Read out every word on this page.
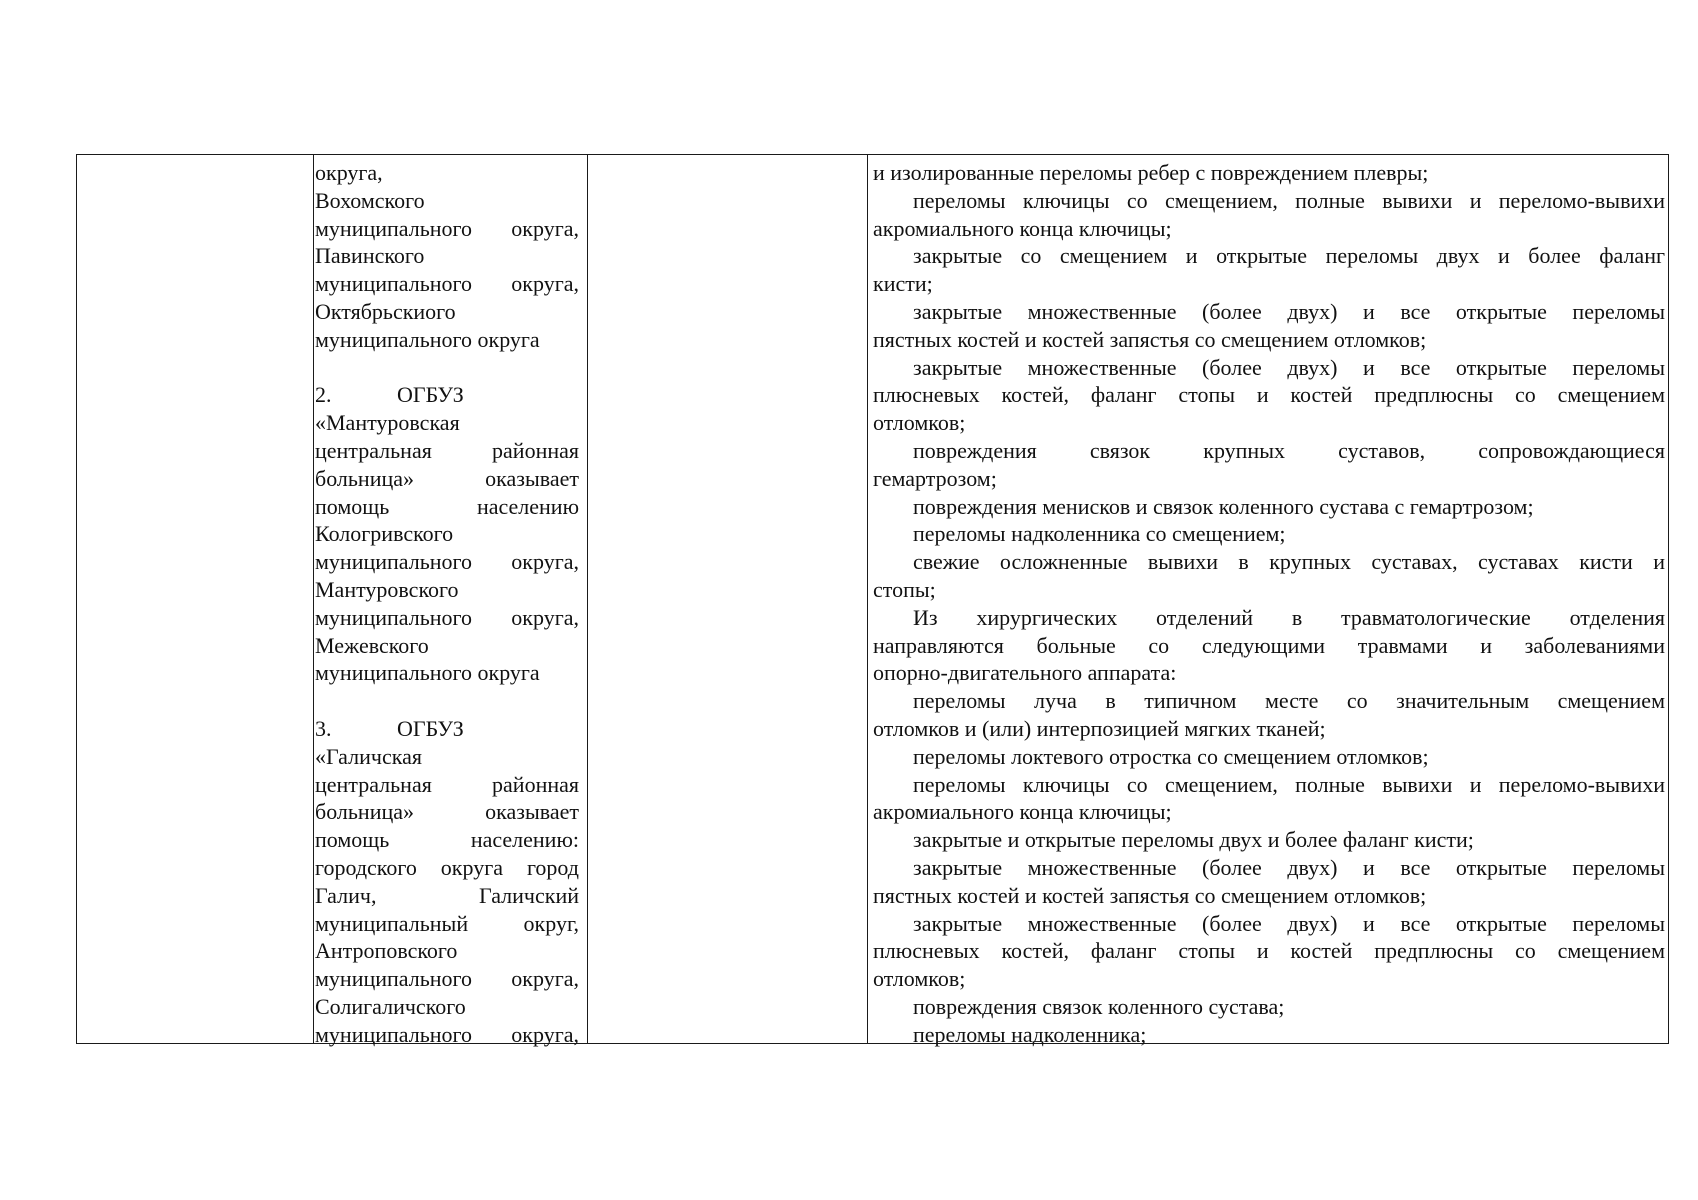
округа,
Вохомского
муниципального округа,
Павинского
муниципального округа,
Октябрьскиого
муниципального округа
2. ОГБУЗ
«Мантуровская
центральная районная
больница» оказывает
помощь населению
Кологривского
муниципального округа,
Мантуровского
муниципального округа,
Межевского
муниципального округа
3. ОГБУЗ
«Галичская
центральная районная
больница» оказывает
помощь населению:
городского округа город
Галич, Галичский
муниципальный округ,
Антроповского
муниципального округа,
Солигаличского
муниципального округа,
и изолированные переломы ребер с повреждением плевры;
переломы ключицы со смещением, полные вывихи и переломо-вывихи
акромиального конца ключицы;
закрытые со смещением и открытые переломы двух и более фаланг
кисти;
закрытые множественные (более двух) и все открытые переломы
пястных костей и костей запястья со смещением отломков;
закрытые множественные (более двух) и все открытые переломы
плюсневых костей, фаланг стопы и костей предплюсны со смещением
отломков;
повреждения связок крупных суставов, сопровождающиеся
гемартрозом;
повреждения менисков и связок коленного сустава с гемартрозом;
переломы надколенника со смещением;
свежие осложненные вывихи в крупных суставах, суставах кисти и
стопы;
Из хирургических отделений в травматологические отделения
направляются больные со следующими травмами и заболеваниями
опорно-двигательного аппарата:
переломы луча в типичном месте со значительным смещением
отломков и (или) интерпозицией мягких тканей;
переломы локтевого отростка со смещением отломков;
переломы ключицы со смещением, полные вывихи и переломо-вывихи
акромиального конца ключицы;
закрытые и открытые переломы двух и более фаланг кисти;
закрытые множественные (более двух) и все открытые переломы
пястных костей и костей запястья со смещением отломков;
закрытые множественные (более двух) и все открытые переломы
плюсневых костей, фаланг стопы и костей предплюсны со смещением
отломков;
повреждения связок коленного сустава;
переломы надколенника;
